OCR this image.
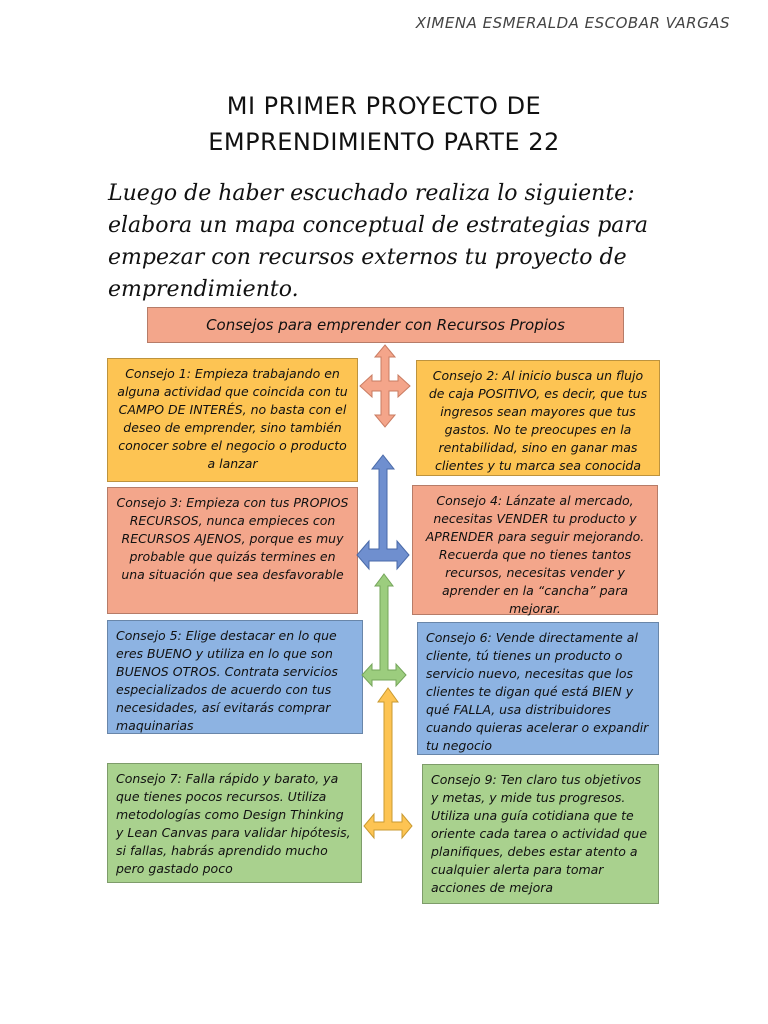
XIMENA ESMERALDA ESCOBAR VARGAS
MI PRIMER PROYECTO DE
EMPRENDIMIENTO PARTE 22
Luego de haber escuchado realiza lo siguiente: elabora un mapa conceptual de estrategias para empezar con recursos externos tu proyecto de emprendimiento.
Consejos para emprender con Recursos Propios
Consejo 1: Empieza trabajando en alguna actividad que coincida con tu CAMPO DE INTERÉS, no basta con el deseo de emprender, sino también conocer sobre el negocio o producto a lanzar
Consejo 2: Al inicio busca un flujo de caja POSITIVO, es decir, que tus ingresos sean mayores que tus gastos. No te preocupes en la rentabilidad, sino en ganar mas clientes y tu marca sea conocida
Consejo 3: Empieza con tus PROPIOS RECURSOS, nunca empieces con RECURSOS AJENOS, porque es muy probable que quizás termines en una situación que sea desfavorable
Consejo 4: Lánzate al mercado, necesitas VENDER tu producto y APRENDER para seguir mejorando. Recuerda que no tienes tantos recursos, necesitas vender y aprender en la “cancha” para mejorar.
Consejo 5: Elige destacar en lo que eres BUENO y utiliza en lo que son BUENOS OTROS. Contrata servicios especializados de acuerdo con tus necesidades, así evitarás comprar maquinarias
Consejo 6: Vende directamente al cliente, tú tienes un producto o servicio nuevo, necesitas que los clientes te digan qué está BIEN y qué FALLA, usa distribuidores cuando quieras acelerar o expandir tu negocio
Consejo 7: Falla rápido y barato, ya que tienes pocos recursos. Utiliza metodologías como Design Thinking y Lean Canvas para validar hipótesis, si fallas, habrás aprendido mucho pero gastado poco
Consejo 9: Ten claro tus objetivos y metas, y mide tus progresos. Utiliza una guía cotidiana que te oriente cada tarea o actividad que planifiques, debes estar atento a cualquier alerta para tomar acciones de mejora
